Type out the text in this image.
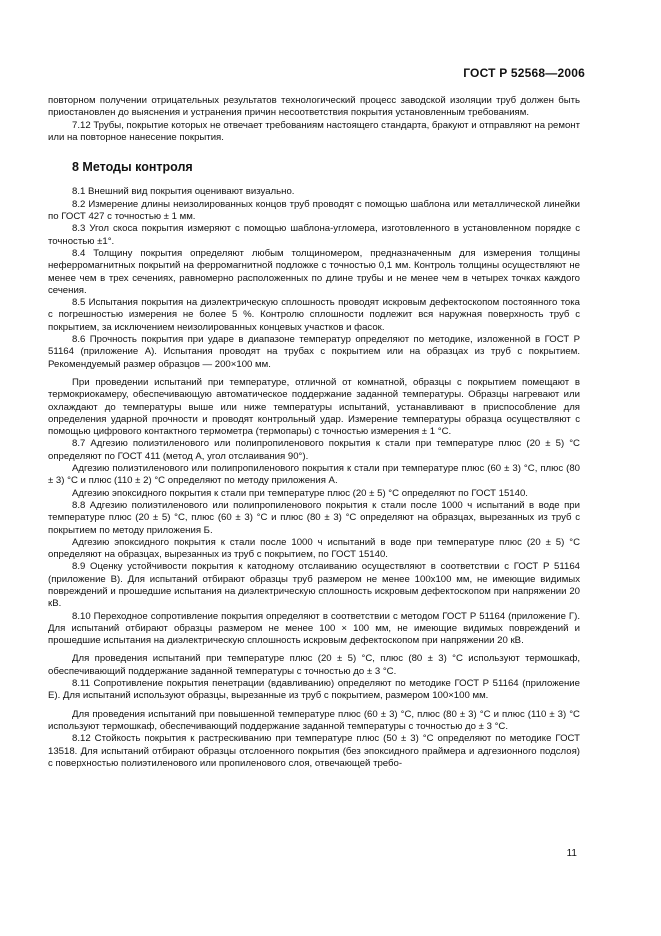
ГОСТ Р 52568—2006

повторном получении отрицательных результатов технологический процесс заводской изоляции труб должен быть приостановлен до выяснения и устранения причин несоответствия покрытия установленным требованиям.

7.12 Трубы, покрытие которых не отвечает требованиям настоящего стандарта, бракуют и отправляют на ремонт или на повторное нанесение покрытия.

8 Методы контроля

8.1 Внешний вид покрытия оценивают визуально.

8.2 Измерение длины неизолированных концов труб проводят с помощью шаблона или металлической линейки по ГОСТ 427 с точностью ± 1 мм.

8.3 Угол скоса покрытия измеряют с помощью шаблона-угломера, изготовленного в установленном порядке с точностью ±1°.

8.4 Толщину покрытия определяют любым толщиномером, предназначенным для измерения толщины неферромагнитных покрытий на ферромагнитной подложке с точностью 0,1 мм. Контроль толщины осуществляют не менее чем в трех сечениях, равномерно расположенных по длине трубы и не менее чем в четырех точках каждого сечения.

8.5 Испытания покрытия на диэлектрическую сплошность проводят искровым дефектоскопом постоянного тока с погрешностью измерения не более 5 %. Контролю сплошности подлежит вся наружная поверхность труб с покрытием, за исключением неизолированных концевых участков и фасок.

8.6 Прочность покрытия при ударе в диапазоне температур определяют по методике, изложенной в ГОСТ Р 51164 (приложение А). Испытания проводят на трубах с покрытием или на образцах из труб с покрытием. Рекомендуемый размер образцов — 200×100 мм.

При проведении испытаний при температуре, отличной от комнатной, образцы с покрытием помещают в термокриокамеру, обеспечивающую автоматическое поддержание заданной температуры. Образцы нагревают или охлаждают до температуры выше или ниже температуры испытаний, устанавливают в приспособление для определения ударной прочности и проводят контрольный удар. Измерение температуры образца осуществляют с помощью цифрового контактного термометра (термопары) с точностью измерения ± 1 °С.

8.7 Адгезию полиэтиленового или полипропиленового покрытия к стали при температуре плюс (20 ± 5) °С определяют по ГОСТ 411 (метод А, угол отслаивания 90°).

Адгезию полиэтиленового или полипропиленового покрытия к стали при температуре плюс (60 ± 3) °С, плюс (80 ± 3) °С и плюс (110 ± 2) °С определяют по методу приложения А.

Адгезию эпоксидного покрытия к стали при температуре плюс (20 ± 5) °С определяют по ГОСТ 15140.

8.8 Адгезию полиэтиленового или полипропиленового покрытия к стали после 1000 ч испытаний в воде при температуре плюс (20 ± 5) °С, плюс (60 ± 3) °С и плюс (80 ± 3) °С определяют на образцах, вырезанных из труб с покрытием по методу приложения Б.

Адгезию эпоксидного покрытия к стали после 1000 ч испытаний в воде при температуре плюс (20 ± 5) °С определяют на образцах, вырезанных из труб с покрытием, по ГОСТ 15140.

8.9 Оценку устойчивости покрытия к катодному отслаиванию осуществляют в соответствии с ГОСТ Р 51164 (приложение В). Для испытаний отбирают образцы труб размером не менее 100х100 мм, не имеющие видимых повреждений и прошедшие испытания на диэлектрическую сплошность искровым дефектоскопом при напряжении 20 кВ.

8.10 Переходное сопротивление покрытия определяют в соответствии с методом ГОСТ Р 51164 (приложение Г). Для испытаний отбирают образцы размером не менее 100 × 100 мм, не имеющие видимых повреждений и прошедшие испытания на диэлектрическую сплошность искровым дефектоскопом при напряжении 20 кВ.

Для проведения испытаний при температуре плюс (20 ± 5) °С, плюс (80 ± 3) °С используют термошкаф, обеспечивающий поддержание заданной температуры с точностью до ± 3 °С.

8.11 Сопротивление покрытия пенетрации (вдавливанию) определяют по методике ГОСТ Р 51164 (приложение Е). Для испытаний используют образцы, вырезанные из труб с покрытием, размером 100×100 мм.

Для проведения испытаний при повышенной температуре плюс (60 ± 3) °С, плюс (80 ± 3) °С и плюс (110 ± 3) °С используют термошкаф, обеспечивающий поддержание заданной температуры с точностью до ± 3 °С.

8.12 Стойкость покрытия к растрескиванию при температуре плюс (50 ± 3) °С определяют по методике ГОСТ 13518. Для испытаний отбирают образцы отслоенного покрытия (без эпоксидного праймера и адгезионного подслоя) с поверхностью полиэтиленового или пропиленового слоя, отвечающей требо-

11
